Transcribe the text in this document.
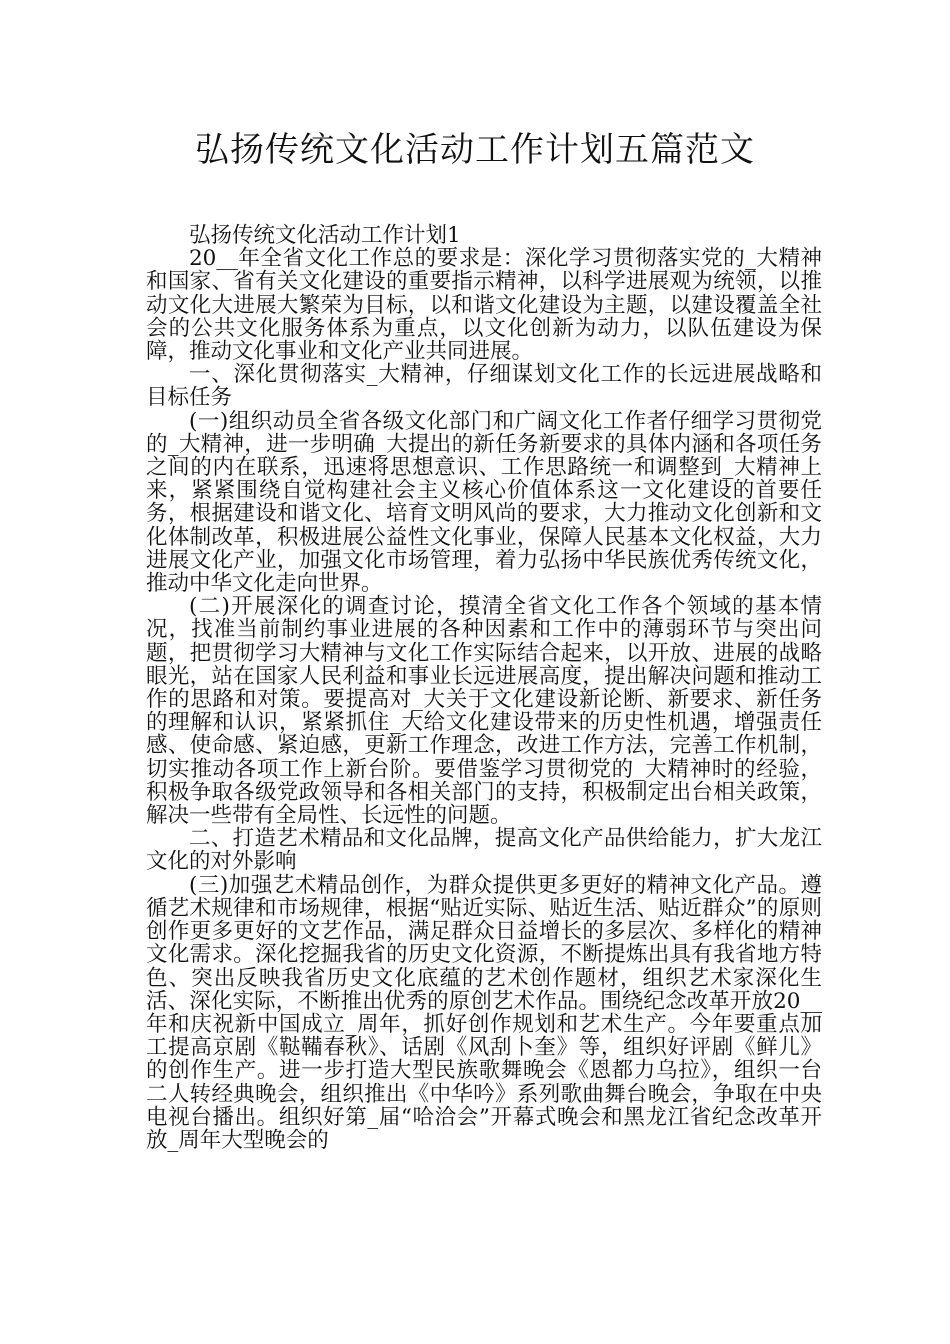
弘扬传统文化活动工作计划五篇范文

弘扬传统文化活动工作计划1

20__年全省文化工作总的要求是：深化学习贯彻落实党的_大精神和国家、省有关文化建设的重要指示精神，以科学进展观为统领，以推动文化大进展大繁荣为目标，以和谐文化建设为主题，以建设覆盖全社会的公共文化服务体系为重点，以文化创新为动力，以队伍建设为保障，推动文化事业和文化产业共同进展。

一、深化贯彻落实_大精神，仔细谋划文化工作的长远进展战略和目标任务

(一)组织动员全省各级文化部门和广阔文化工作者仔细学习贯彻党的_大精神，进一步明确_大提出的新任务新要求的具体内涵和各项任务之间的内在联系，迅速将思想意识、工作思路统一和调整到_大精神上来，紧紧围绕自觉构建社会主义核心价值体系这一文化建设的首要任务，根据建设和谐文化、培育文明风尚的要求，大力推动文化创新和文化体制改革，积极进展公益性文化事业，保障人民基本文化权益，大力进展文化产业，加强文化市场管理，着力弘扬中华民族优秀传统文化，推动中华文化走向世界。

(二)开展深化的调查讨论，摸清全省文化工作各个领域的基本情况，找准当前制约事业进展的各种因素和工作中的薄弱环节与突出问题，把贯彻学习大精神与文化工作实际结合起来，以开放、进展的战略眼光，站在国家人民利益和事业长远进展高度，提出解决问题和推动工作的思路和对策。要提高对_大关于文化建设新论断、新要求、新任务的理解和认识，紧紧抓住_大给文化建设带来的历史性机遇，增强责任感、使命感、紧迫感，更新工作理念，改进工作方法，完善工作机制，切实推动各项工作上新台阶。要借鉴学习贯彻党的_大精神时的经验，积极争取各级党政领导和各相关部门的支持，积极制定出台相关政策，解决一些带有全局性、长远性的问题。

二、打造艺术精品和文化品牌，提高文化产品供给能力，扩大龙江文化的对外影响

(三)加强艺术精品创作，为群众提供更多更好的精神文化产品。遵循艺术规律和市场规律，根据“贴近实际、贴近生活、贴近群众”的原则创作更多更好的文艺作品，满足群众日益增长的多层次、多样化的精神文化需求。深化挖掘我省的历史文化资源，不断提炼出具有我省地方特色、突出反映我省历史文化底蕴的艺术创作题材，组织艺术家深化生活、深化实际，不断推出优秀的原创艺术作品。围绕纪念改革开放20__年和庆祝新中国成立_周年，抓好创作规划和艺术生产。今年要重点加工提高京剧《鞑鞴春秋》、话剧《风刮卜奎》等，组织好评剧《鲜儿》的创作生产。进一步打造大型民族歌舞晚会《恩都力乌拉》，组织一台二人转经典晚会，组织推出《中华吟》系列歌曲舞台晚会，争取在中央电视台播出。组织好第_届“哈洽会”开幕式晚会和黑龙江省纪念改革开放_周年大型晚会的
